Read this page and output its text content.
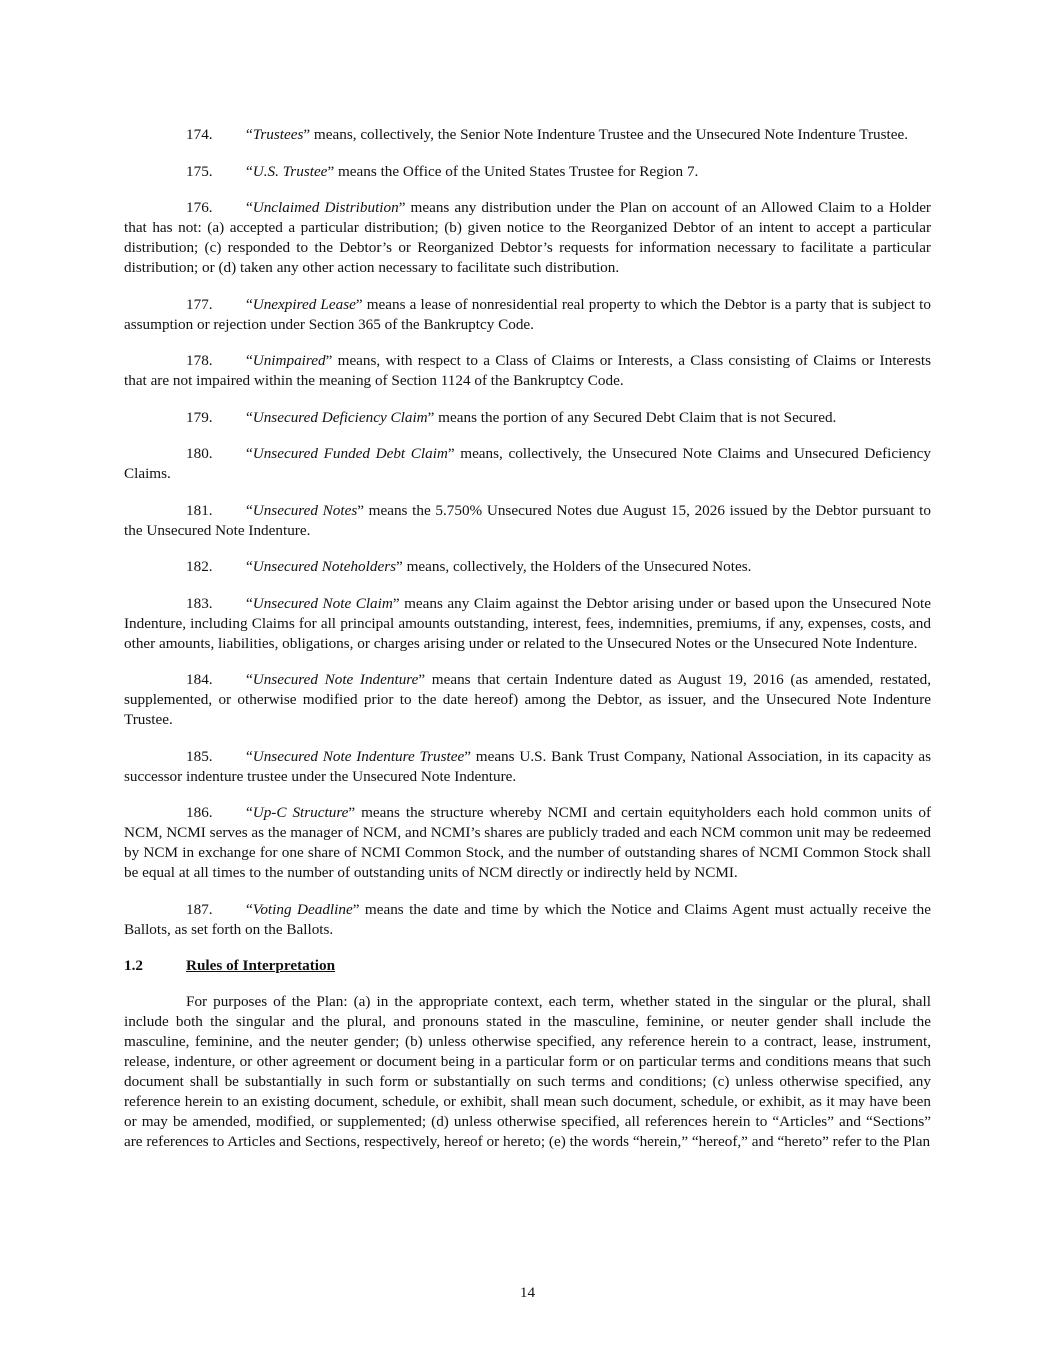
174. “Trustees” means, collectively, the Senior Note Indenture Trustee and the Unsecured Note Indenture Trustee.

175. “U.S. Trustee” means the Office of the United States Trustee for Region 7.

176. “Unclaimed Distribution” means any distribution under the Plan on account of an Allowed Claim to a Holder that has not: (a) accepted a particular distribution; (b) given notice to the Reorganized Debtor of an intent to accept a particular distribution; (c) responded to the Debtor’s or Reorganized Debtor’s requests for information necessary to facilitate a particular distribution; or (d) taken any other action necessary to facilitate such distribution.

177. “Unexpired Lease” means a lease of nonresidential real property to which the Debtor is a party that is subject to assumption or rejection under Section 365 of the Bankruptcy Code.

178. “Unimpaired” means, with respect to a Class of Claims or Interests, a Class consisting of Claims or Interests that are not impaired within the meaning of Section 1124 of the Bankruptcy Code.

179. “Unsecured Deficiency Claim” means the portion of any Secured Debt Claim that is not Secured.

180. “Unsecured Funded Debt Claim” means, collectively, the Unsecured Note Claims and Unsecured Deficiency Claims.

181. “Unsecured Notes” means the 5.750% Unsecured Notes due August 15, 2026 issued by the Debtor pursuant to the Unsecured Note Indenture.

182. “Unsecured Noteholders” means, collectively, the Holders of the Unsecured Notes.

183. “Unsecured Note Claim” means any Claim against the Debtor arising under or based upon the Unsecured Note Indenture, including Claims for all principal amounts outstanding, interest, fees, indemnities, premiums, if any, expenses, costs, and other amounts, liabilities, obligations, or charges arising under or related to the Unsecured Notes or the Unsecured Note Indenture.

184. “Unsecured Note Indenture” means that certain Indenture dated as August 19, 2016 (as amended, restated, supplemented, or otherwise modified prior to the date hereof) among the Debtor, as issuer, and the Unsecured Note Indenture Trustee.

185. “Unsecured Note Indenture Trustee” means U.S. Bank Trust Company, National Association, in its capacity as successor indenture trustee under the Unsecured Note Indenture.

186. “Up-C Structure” means the structure whereby NCMI and certain equityholders each hold common units of NCM, NCMI serves as the manager of NCM, and NCMI’s shares are publicly traded and each NCM common unit may be redeemed by NCM in exchange for one share of NCMI Common Stock, and the number of outstanding shares of NCMI Common Stock shall be equal at all times to the number of outstanding units of NCM directly or indirectly held by NCMI.

187. “Voting Deadline” means the date and time by which the Notice and Claims Agent must actually receive the Ballots, as set forth on the Ballots.

1.2	Rules of Interpretation

For purposes of the Plan: (a) in the appropriate context, each term, whether stated in the singular or the plural, shall include both the singular and the plural, and pronouns stated in the masculine, feminine, or neuter gender shall include the masculine, feminine, and the neuter gender; (b) unless otherwise specified, any reference herein to a contract, lease, instrument, release, indenture, or other agreement or document being in a particular form or on particular terms and conditions means that such document shall be substantially in such form or substantially on such terms and conditions; (c) unless otherwise specified, any reference herein to an existing document, schedule, or exhibit, shall mean such document, schedule, or exhibit, as it may have been or may be amended, modified, or supplemented; (d) unless otherwise specified, all references herein to “Articles” and “Sections” are references to Articles and Sections, respectively, hereof or hereto; (e) the words “herein,” “hereof,” and “hereto” refer to the Plan

14
